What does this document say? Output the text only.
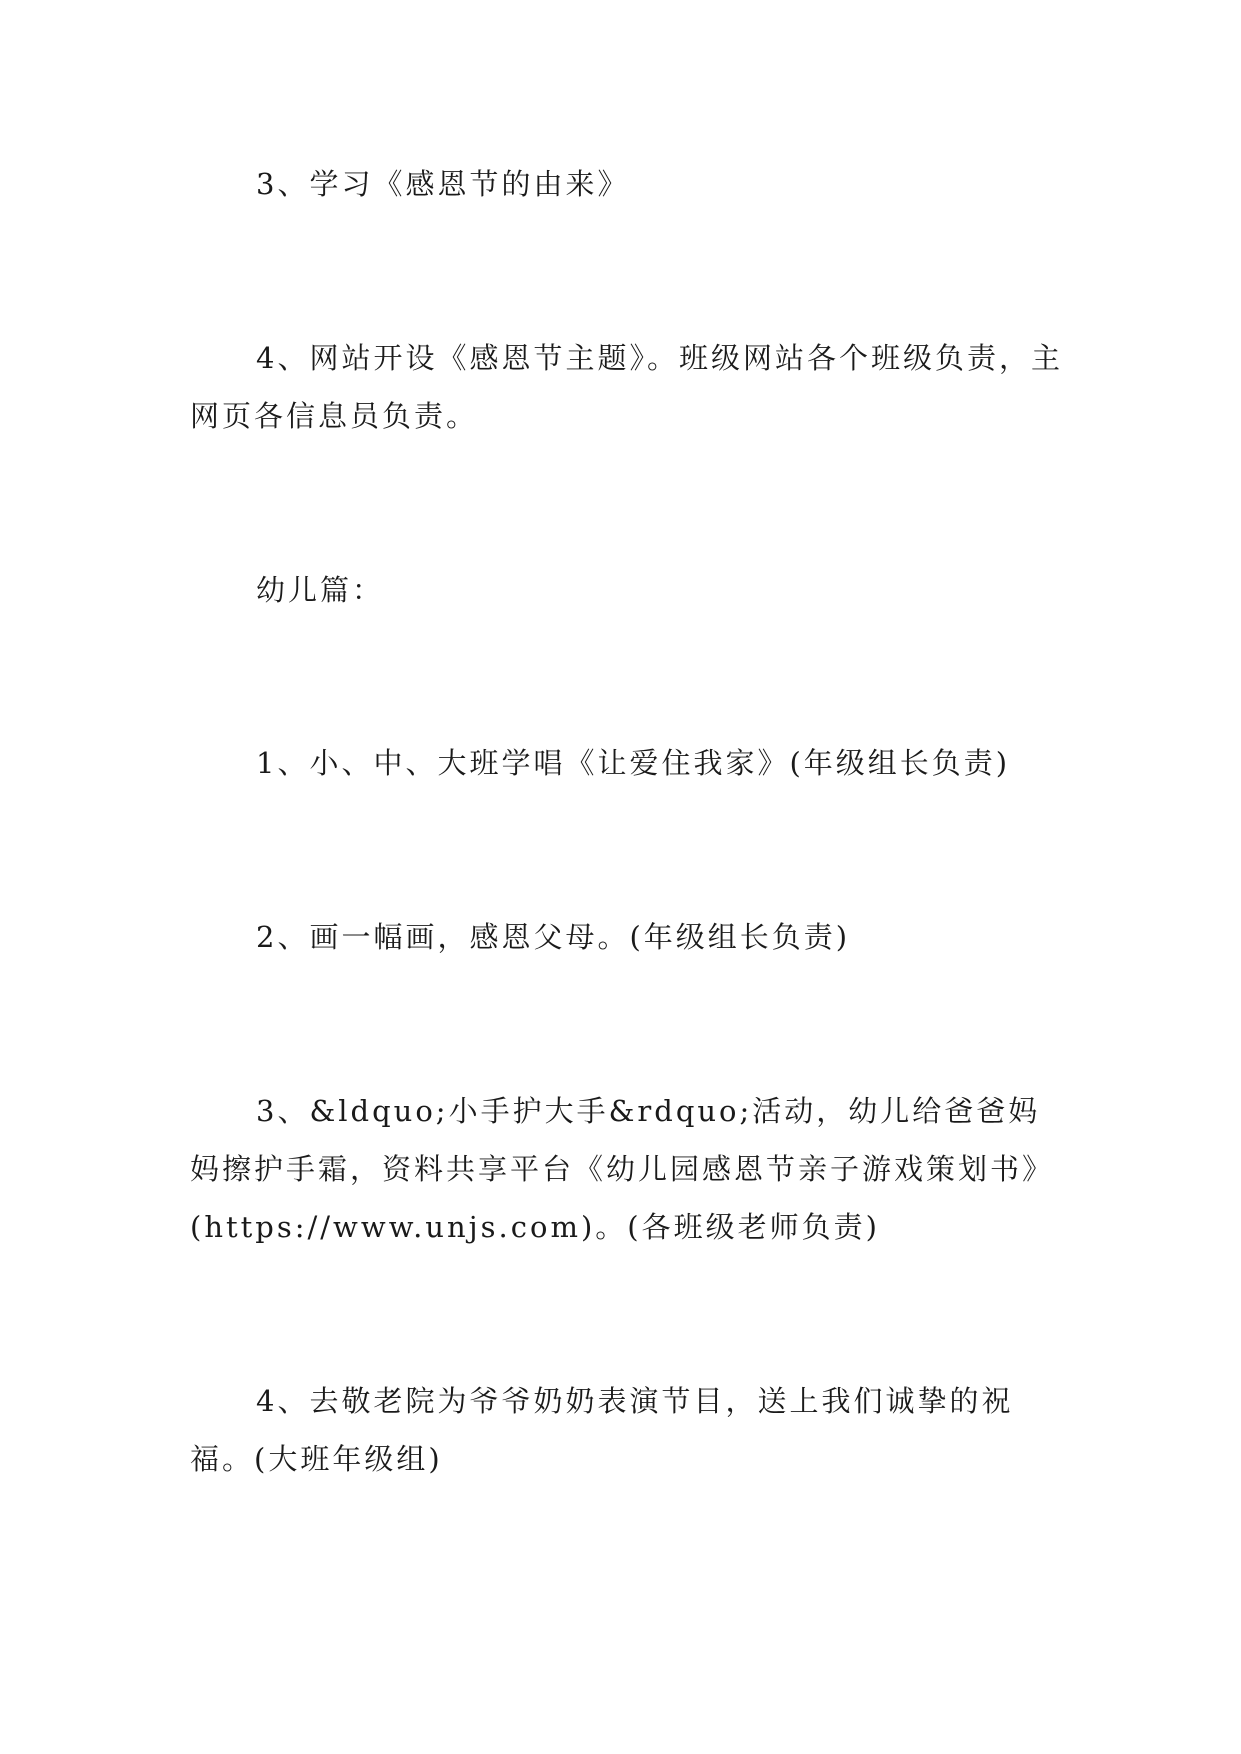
3、学习《感恩节的由来》

4、网站开设《感恩节主题》。班级网站各个班级负责，主网页各信息员负责。

幼儿篇：

1、小、中、大班学唱《让爱住我家》(年级组长负责)

2、画一幅画，感恩父母。(年级组长负责)

3、&ldquo;小手护大手&rdquo;活动，幼儿给爸爸妈妈擦护手霜，资料共享平台《幼儿园感恩节亲子游戏策划书》(https://www.unjs.com)。(各班级老师负责)

4、去敬老院为爷爷奶奶表演节目，送上我们诚挚的祝福。(大班年级组)
